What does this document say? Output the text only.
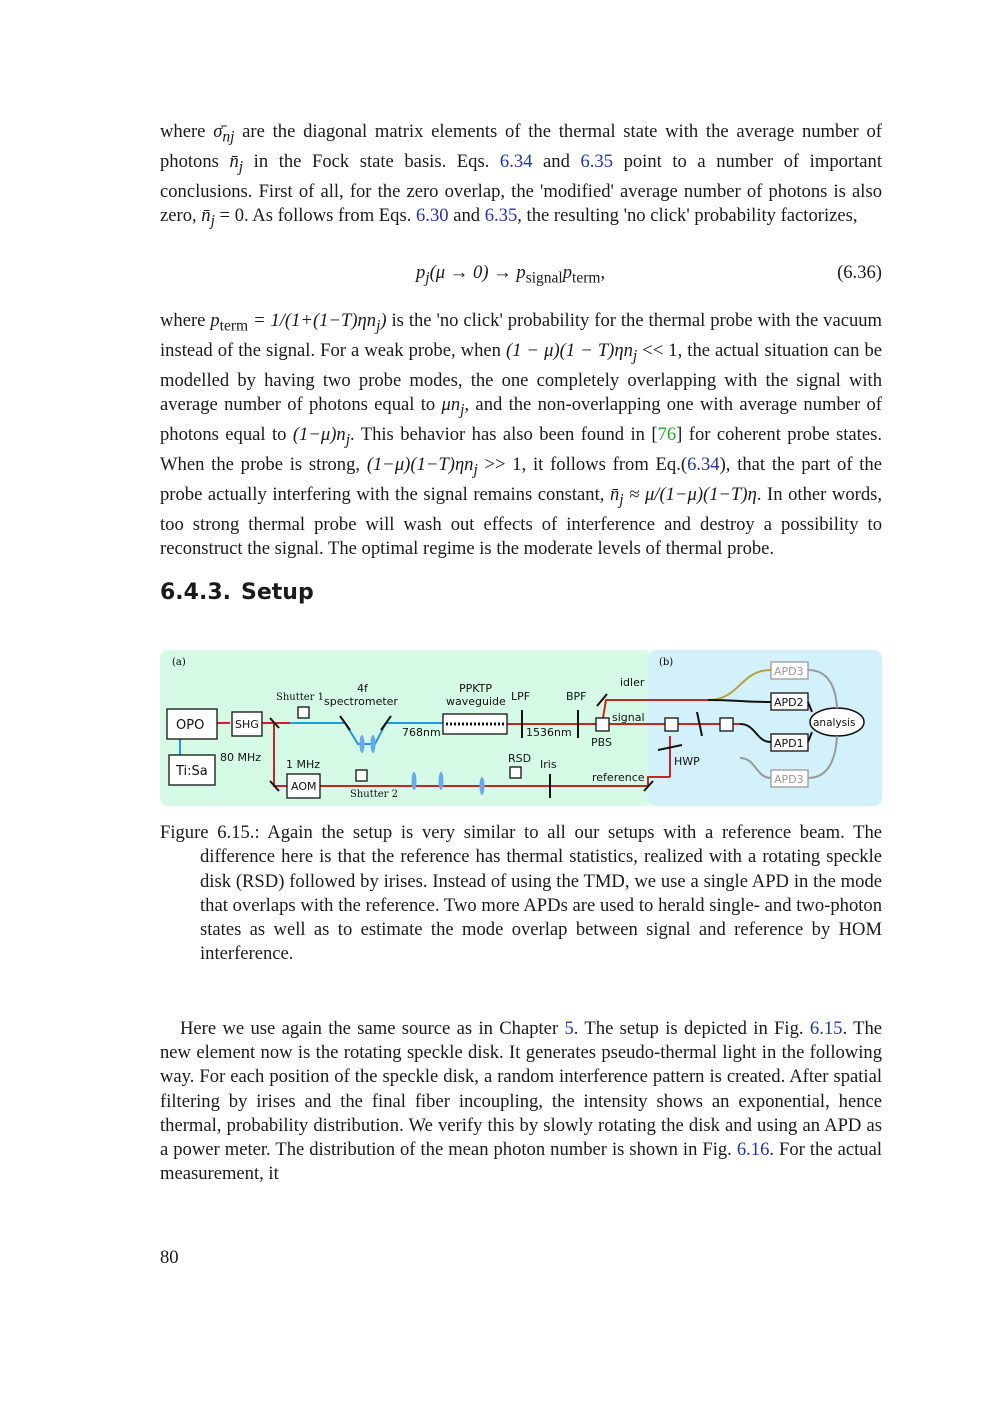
where $\sigmā_{nj}$ are the diagonal matrix elements of the thermal state with the average number of photons $n̄_j$ in the Fock state basis. Eqs. 6.34 and 6.35 point to a number of important conclusions. First of all, for the zero overlap, the 'modified' average number of photons is also zero, $n̄_j = 0$. As follows from Eqs. 6.30 and 6.35, the resulting 'no click' probability factorizes,

$p_j(\mu \to 0) \to p_{signal}p_{term}$,	(6.36)

where $p_{term} = 1/(1+(1-T)\eta n_j)$ is the 'no click' probability for the thermal probe with the vacuum instead of the signal. For a weak probe, when $(1 - \mu)(1 - T)\eta n_j << 1$, the actual situation can be modelled by having two probe modes, the one completely overlapping with the signal with average number of photons equal to $\mu n_j$, and the non-overlapping one with average number of photons equal to $(1-\mu)n_j$. This behavior has also been found in [76] for coherent probe states. When the probe is strong, $(1-\mu)(1-T)\eta n_j >> 1$, it follows from Eq.(6.34), that the part of the probe actually interfering with the signal remains constant, $n̄_j \approx \mu/(1-\mu)(1-T)\eta$. In other words, too strong thermal probe will wash out effects of interference and destroy a possibility to reconstruct the signal. The optimal regime is the moderate levels of thermal probe.

6.4.3. Setup
(a)	(b)
OPO	SHG
Ti:Sa
80 MHz
1 MHz
AOM
Shutter 1
Shutter 2
4f
spectrometer
768nm
PPKTP
waveguide LPF
1536nm
BPF
PBS
RSD Iris
idler
signal
reference
HWP
APD1
APD2
APD3
APD3
analysis

Figure 6.15.: Again the setup is very similar to all our setups with a reference beam. The difference here is that the reference has thermal statistics, realized with a rotating speckle disk (RSD) followed by irises. Instead of using the TMD, we use a single APD in the mode that overlaps with the reference. Two more APDs are used to herald single- and two-photon states as well as to estimate the mode overlap between signal and reference by HOM interference.

Here we use again the same source as in Chapter 5. The setup is depicted in Fig. 6.15. The new element now is the rotating speckle disk. It generates pseudo-thermal light in the following way. For each position of the speckle disk, a random interference pattern is created. After spatial filtering by irises and the final fiber incoupling, the intensity shows an exponential, hence thermal, probability distribution. We verify this by slowly rotating the disk and using an APD as a power meter. The distribution of the mean photon number is shown in Fig. 6.16. For the actual measurement, it

80
